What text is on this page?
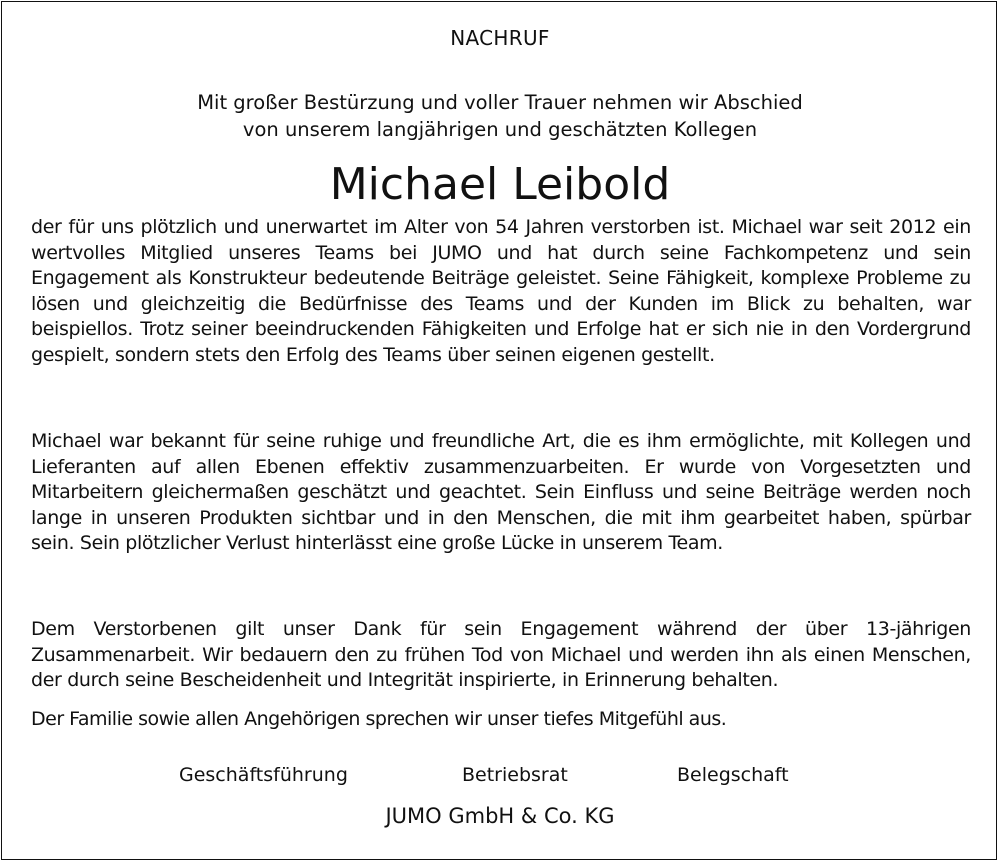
NACHRUF
Mit großer Bestürzung und voller Trauer nehmen wir Abschied
von unserem langjährigen und geschätzten Kollegen
Michael Leibold

der für uns plötzlich und unerwartet im Alter von 54 Jahren verstorben ist. Michael war seit 2012 ein wertvolles Mitglied unseres Teams bei JUMO und hat durch seine Fachkompetenz und sein Engagement als Konstrukteur bedeutende Beiträge geleistet. Seine Fähigkeit, komplexe Probleme zu lösen und gleichzeitig die Bedürfnisse des Teams und der Kunden im Blick zu behalten, war beispiellos. Trotz seiner beeindruckenden Fähigkeiten und Erfolge hat er sich nie in den Vordergrund gespielt, sondern stets den Erfolg des Teams über seinen eigenen gestellt.

Michael war bekannt für seine ruhige und freundliche Art, die es ihm ermöglichte, mit Kollegen und Lieferanten auf allen Ebenen effektiv zusammenzuarbeiten. Er wurde von Vorgesetzten und Mitarbeitern gleichermaßen geschätzt und geachtet. Sein Einfluss und seine Beiträge werden noch lange in unseren Produkten sichtbar und in den Menschen, die mit ihm gearbeitet haben, spürbar sein. Sein plötzlicher Verlust hinterlässt eine große Lücke in unserem Team.

Dem Verstorbenen gilt unser Dank für sein Engagement während der über 13-jährigen Zusammenarbeit. Wir bedauern den zu frühen Tod von Michael und werden ihn als einen Menschen, der durch seine Bescheidenheit und Integrität inspirierte, in Erinnerung behalten.

Der Familie sowie allen Angehörigen sprechen wir unser tiefes Mitgefühl aus.

Geschäftsführung	Betriebsrat	Belegschaft
JUMO GmbH & Co. KG
